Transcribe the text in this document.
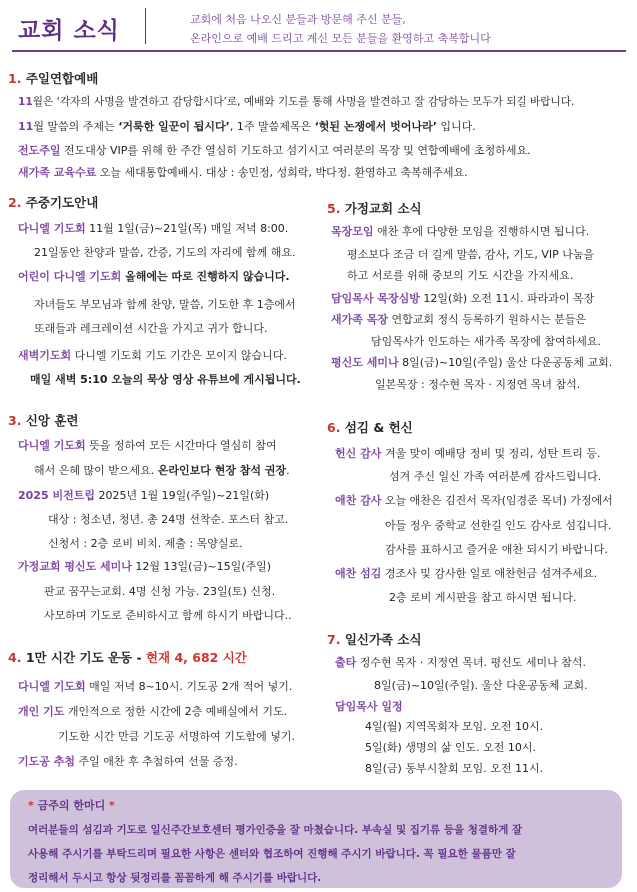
교회 소식	교회에 처음 나오신 분들과 방문해 주신 분들,
온라인으로 예배 드리고 계신 모든 분들을 환영하고 축복합니다
1. 주일연합예배
11월은 ‘각자의 사명을 발견하고 감당합시다’로, 예배와 기도를 통해 사명을 발견하고 잘 감당하는 모두가 되길 바랍니다.
11월 말씀의 주제는 ‘거룩한 일꾼이 됩시다’, 1주 말씀제목은 ‘헛된 논쟁에서 벗어나라’ 입니다.
전도주일 전도대상 VIP를 위해 한 주간 열심히 기도하고 섬기시고 여러분의 목장 및 연합예배에 초청하세요.
새가족 교육수료 오늘 세대통합예배시. 대상 : 송민정, 성희락, 박다정. 환영하고 축복해주세요.
2. 주중기도안내
다니엘 기도회 11월 1일(금)~21일(목) 매일 저녁 8:00.
21일동안 찬양과 말씀, 간증, 기도의 자리에 함께 해요.
어린이 다니엘 기도회 올해에는 따로 진행하지 않습니다.
자녀들도 부모님과 함께 찬양, 말씀, 기도한 후 1층에서
또래들과 레크레이션 시간을 가지고 귀가 합니다.
새벽기도회 다니엘 기도회 기도 기간은 모이지 않습니다.
매일 새벽 5:10 오늘의 묵상 영상 유튜브에 게시됩니다.
3. 신앙 훈련
다니엘 기도회 뜻을 정하여 모든 시간마다 열심히 참여
해서 은혜 많이 받으세요. 온라인보다 현장 참석 권장.
2025 비전트립 2025년 1월 19일(주일)~21일(화)
대상 : 청소년, 청년. 총 24명 선착순. 포스터 참고.
신청서 : 2층 로비 비치. 제출 : 목양실로.
가정교회 평신도 세미나 12월 13일(금)~15일(주일)
판교 꿈꾸는교회. 4명 신청 가능. 23일(토) 신청.
사모하며 기도로 준비하시고 함께 하시기 바랍니다..
4. 1만 시간 기도 운동 - 현재 4, 682 시간
다니엘 기도회 매일 저녁 8~10시. 기도공 2개 적어 넣기.
개인 기도 개인적으로 정한 시간에 2층 예배실에서 기도.
기도한 시간 만큼 기도공 서명하여 기도함에 넣기.
기도공 추첨 주일 애찬 후 추첨하여 선물 증정.
5. 가정교회 소식
목장모임 애찬 후에 다양한 모임을 진행하시면 됩니다.
평소보다 조금 더 길게 말씀, 감사, 기도, VIP 나눔을
하고 서로를 위해 중보의 기도 시간을 가지세요.
담임목사 목장심방 12일(화) 오전 11시. 파라과이 목장
새가족 목장 연합교회 정식 등록하기 원하시는 분들은
담임목사가 인도하는 새가족 목장에 참여하세요.
평신도 세미나 8일(금)~10일(주일) 울산 다운공동체 교회.
일본목장 : 정수현 목자 · 지정연 목녀 참석.
6. 섬김 & 헌신
헌신 감사 겨울 맞이 예배당 정비 및 정리, 성탄 트리 등.
섬겨 주신 일신 가족 여러분께 감사드립니다.
애찬 감사 오늘 애찬은 김진서 목자(임경준 목녀) 가정에서
아들 정우 중학교 선한길 인도 감사로 섬깁니다.
감사를 표하시고 즐거운 애찬 되시기 바랍니다.
애찬 섬김 경조사 및 감사한 일로 애찬헌금 섬겨주세요.
2층 로비 게시판을 참고 하시면 됩니다.
7. 일신가족 소식
출타 정수현 목자 · 지정연 목녀. 평신도 세미나 참석.
8일(금)~10일(주일). 울산 다운공동체 교회.
담임목사 일정
4일(월) 지역목회자 모임. 오전 10시.
5일(화) 생명의 삶 인도. 오전 10시.
8일(금) 동부시찰회 모임. 오전 11시.
* 금주의 한마디 *
여러분들의 섬김과 기도로 일신주간보호센터 평가인증을 잘 마쳤습니다. 부속실 및 집기류 등을 청결하게 잘
사용해 주시기를 부탁드리며 필요한 사항은 센터와 협조하여 진행해 주시기 바랍니다. 꼭 필요한 물품만 잘
정리해서 두시고 항상 뒷정리를 꼼꼼하게 해 주시기를 바랍니다.
